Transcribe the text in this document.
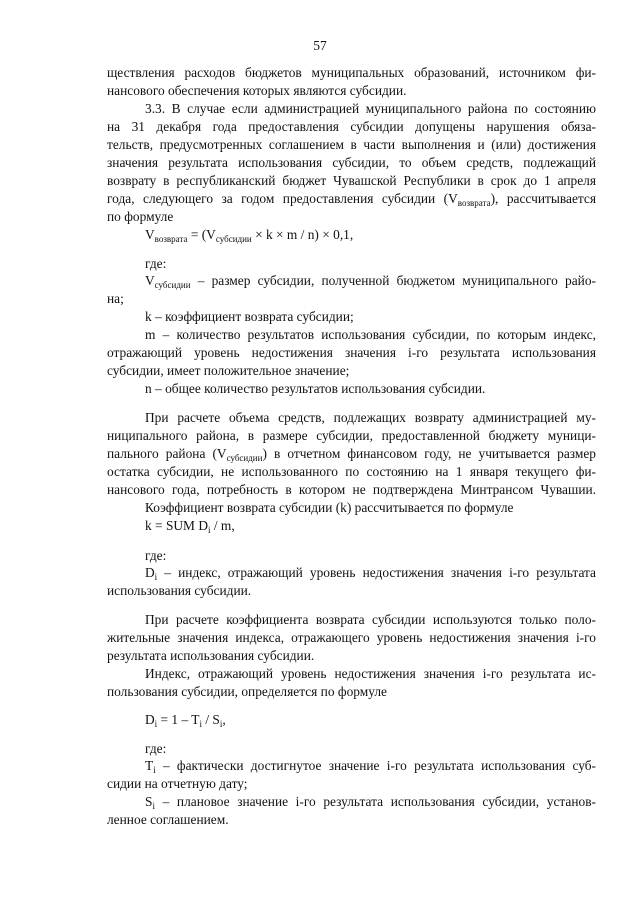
57
ществления расходов бюджетов муниципальных образований, источником фи-
нансового обеспечения которых являются субсидии.
3.3. В случае если администрацией муниципального района по состоянию
на 31 декабря года предоставления субсидии допущены нарушения обяза-
тельств, предусмотренных соглашением в части выполнения и (или) достижения
значения результата использования субсидии, то объем средств, подлежащий
возврату в республиканский бюджет Чувашской Республики в срок до 1 апреля
года, следующего за годом предоставления субсидии $(V_{возврата})$, рассчитывается
по формуле
$V_{возврата} = (V_{субсидии} \times k \times m / n) \times 0,1$,
где:
$V_{субсидии}$ – размер субсидии, полученной бюджетом муниципального райо-
на;
k – коэффициент возврата субсидии;
m – количество результатов использования субсидии, по которым индекс,
отражающий уровень недостижения значения i-го результата использования
субсидии, имеет положительное значение;
n – общее количество результатов использования субсидии.
При расчете объема средств, подлежащих возврату администрацией му-
ниципального района, в размере субсидии, предоставленной бюджету муници-
пального района $(V_{субсидии})$ в отчетном финансовом году, не учитывается размер
остатка субсидии, не использованного по состоянию на 1 января текущего фи-
нансового года, потребность в котором не подтверждена Минтрансом Чувашии.
Коэффициент возврата субсидии (k) рассчитывается по формуле
k = SUM $D_i$ / m,
где:
$D_i$ – индекс, отражающий уровень недостижения значения i-го результата
использования субсидии.
При расчете коэффициента возврата субсидии используются только поло-
жительные значения индекса, отражающего уровень недостижения значения i-го
результата использования субсидии.
Индекс, отражающий уровень недостижения значения i-го результата ис-
пользования субсидии, определяется по формуле
$D_i = 1 - T_i / S_i$,
где:
$T_i$ – фактически достигнутое значение i-го результата использования суб-
сидии на отчетную дату;
$S_i$ – плановое значение i-го результата использования субсидии, установ-
ленное соглашением.
